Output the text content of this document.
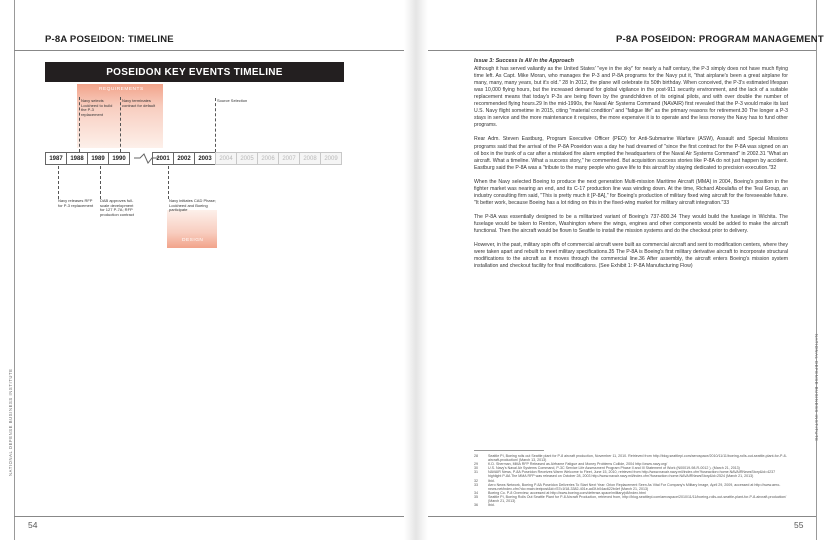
NATIONAL DEFENSE BUSINESS INSTITUTE
P-8A POSEIDON: TIMELINE
54
POSEIDON KEY EVENTS TIMELINE
REQUIREMENTS
DESIGN
Navy selects Lockheed to build the P-3 replacement
Navy terminates contract for default
Source Selection
1987	1988	1989	1990	2001	2002	2003	2004	2005	2006	2007	2008	2009
Navy releases RFP for P-3 replacement
DAB approves full-scale development for 127 P-7A; RFP production contract
Navy initiates CAD Phase; Lockheed and Boeing participate
NATIONAL DEFENSE BUSINESS INSTITUTE
P-8A POSEIDON: PROGRAM MANAGEMENT
55
Issue 3: Success Is All in the Approach

Although it has served valiantly as the United States' "eye in the sky" for nearly a half century, the P-3 simply does not have much flying time left. As Capt. Mike Moran, who manages the P-3 and P-8A programs for the Navy put it, "that airplane's been a great airplane for many, many, many years, but it's old." 28 In 2012, the plane will celebrate its 50th birthday. When conceived, the P-3's estimated lifespan was 10,000 flying hours, but the increased demand for global vigilance in the post-911 security environment, and the lack of a suitable replacement means that today's P-3s are being flown by the grandchildren of its original pilots, and with over double the number of recommended flying hours.29 In the mid-1990s, the Naval Air Systems Command (NAVAIR) first revealed that the P-3 would make its last U.S. Navy flight sometime in 2015, citing "material condition" and "fatigue life" as the primary reasons for retirement.30 The longer a P-3 stays in service and the more maintenance it requires, the more expensive it is to operate and the less money the Navy has to fund other programs.

Rear Adm. Steven Eastburg, Program Executive Officer (PEO) for Anti-Submarine Warfare (ASW), Assault and Special Missions programs said that the arrival of the P-8A Poseidon was a day he had dreamed of "since the first contract for the P-8A was signed on an oil box in the trunk of a car after a mistaked fire alarm emptied the headquarters of the Naval Air Systems Command" in 2002.31 "What an aircraft. What a timeline. What a success story," he commented. But acquisition success stories like P-8A do not just happen by accident. Eastburg said the P-8A was a "tribute to the many people who gave life to this aircraft by staying dedicated to precision execution."32

When the Navy selected Boeing to produce the next generation Multi-mission Maritime Aircraft (MMA) in 2004, Boeing's position in the fighter market was nearing an end, and its C-17 production line was winding down. At the time, Richard Aboulafia of the Teal Group, an industry consulting firm said, "This is pretty much it [P-8A]," for Boeing's production of military fixed wing aircraft for the foreseeable future. "It better work, because Boeing has a lot riding on this in the fixed-wing market for military aircraft integration."33

The P-8A was essentially designed to be a militarized variant of Boeing's 737-800.34 They would build the fuselage in Wichita. The fuselage would be taken to Renton, Washington where the wings, engines and other components would be added to make the aircraft functional. Then the aircraft would be flown to Seattle to install the mission systems and do the checkout prior to delivery.

However, in the past, military spin offs of commercial aircraft were built as commercial aircraft and sent to modification centers, where they were taken apart and rebuilt to meet military specifications.35 The P-8A is Boeing's first military derivative aircraft to incorporate structural modifications to the aircraft as it moves through the commercial line.36 After assembly, the aircraft enters Boeing's mission system installation and checkout facility for final modifications. (See Exhibit 1: P-8A Manufacturing Flow)

28	Seattle PI, Boeing rolls out Seattle plant for P-8 aircraft production, November 11, 2010. Retrieved from http://blog.seattlepi.com/aerospace/2010/11/11/boeing-rolls-out-seattle-plant-for-P-8-aircraft-production/ (March 13, 2013)
29	K.D. Sherman, MMA RFP Released as Airframe Fatigue and Money Problems Collide, 2004 http://www.navy.org/
30	U.S. Navy's Naval Air Systems Command, P-3C Service Life Assessment Program Phase II and III Statement of Work (N00019-98-R-0012 ). (March 21, 2013)
31	NAVAIR News, P-8A Poseidon Receives Warm Welcome to Fleet, June 15, 2010, retrieved from http://www.navair.navy.mil/index.cfm?fuseaction=home.NAVAIRNewsStory&id=4237 highlight P-8A The MMA RFP was released on October 28, 2003 http://www.navair.navy.mil/index.cfm?fuseaction=home.NAVAIRNewsStory&id=2524 (March 21, 2013)
32	Ibid.
33	Aero News Network, Boeing P-8A Poseidon Deliveries To Start Next Year: Orion Replacement Seen As Vital For Company's Military Image, April 29, 2009, accessed at http://www.aero-news.net/index.cfm?do=main.textpost&id=f37c1f18-3382-401e-ad3f-b04ac622b4ef (March 21, 2013)
34	Boeing Co. P-8 Overview, accessed at http://www.boeing.com/defense-space/military/p8/index.html
35	Seattle PI, Boeing Rolls Out Seattle Plant for P-8 Aircraft Production, retrieved from, http://blog.seattlepi.com/aerospace/2010/11/11/boeing-rolls-out-seattle-plant-for-P-8-aircraft-production/ (March 21, 2013)
36	Ibid.
